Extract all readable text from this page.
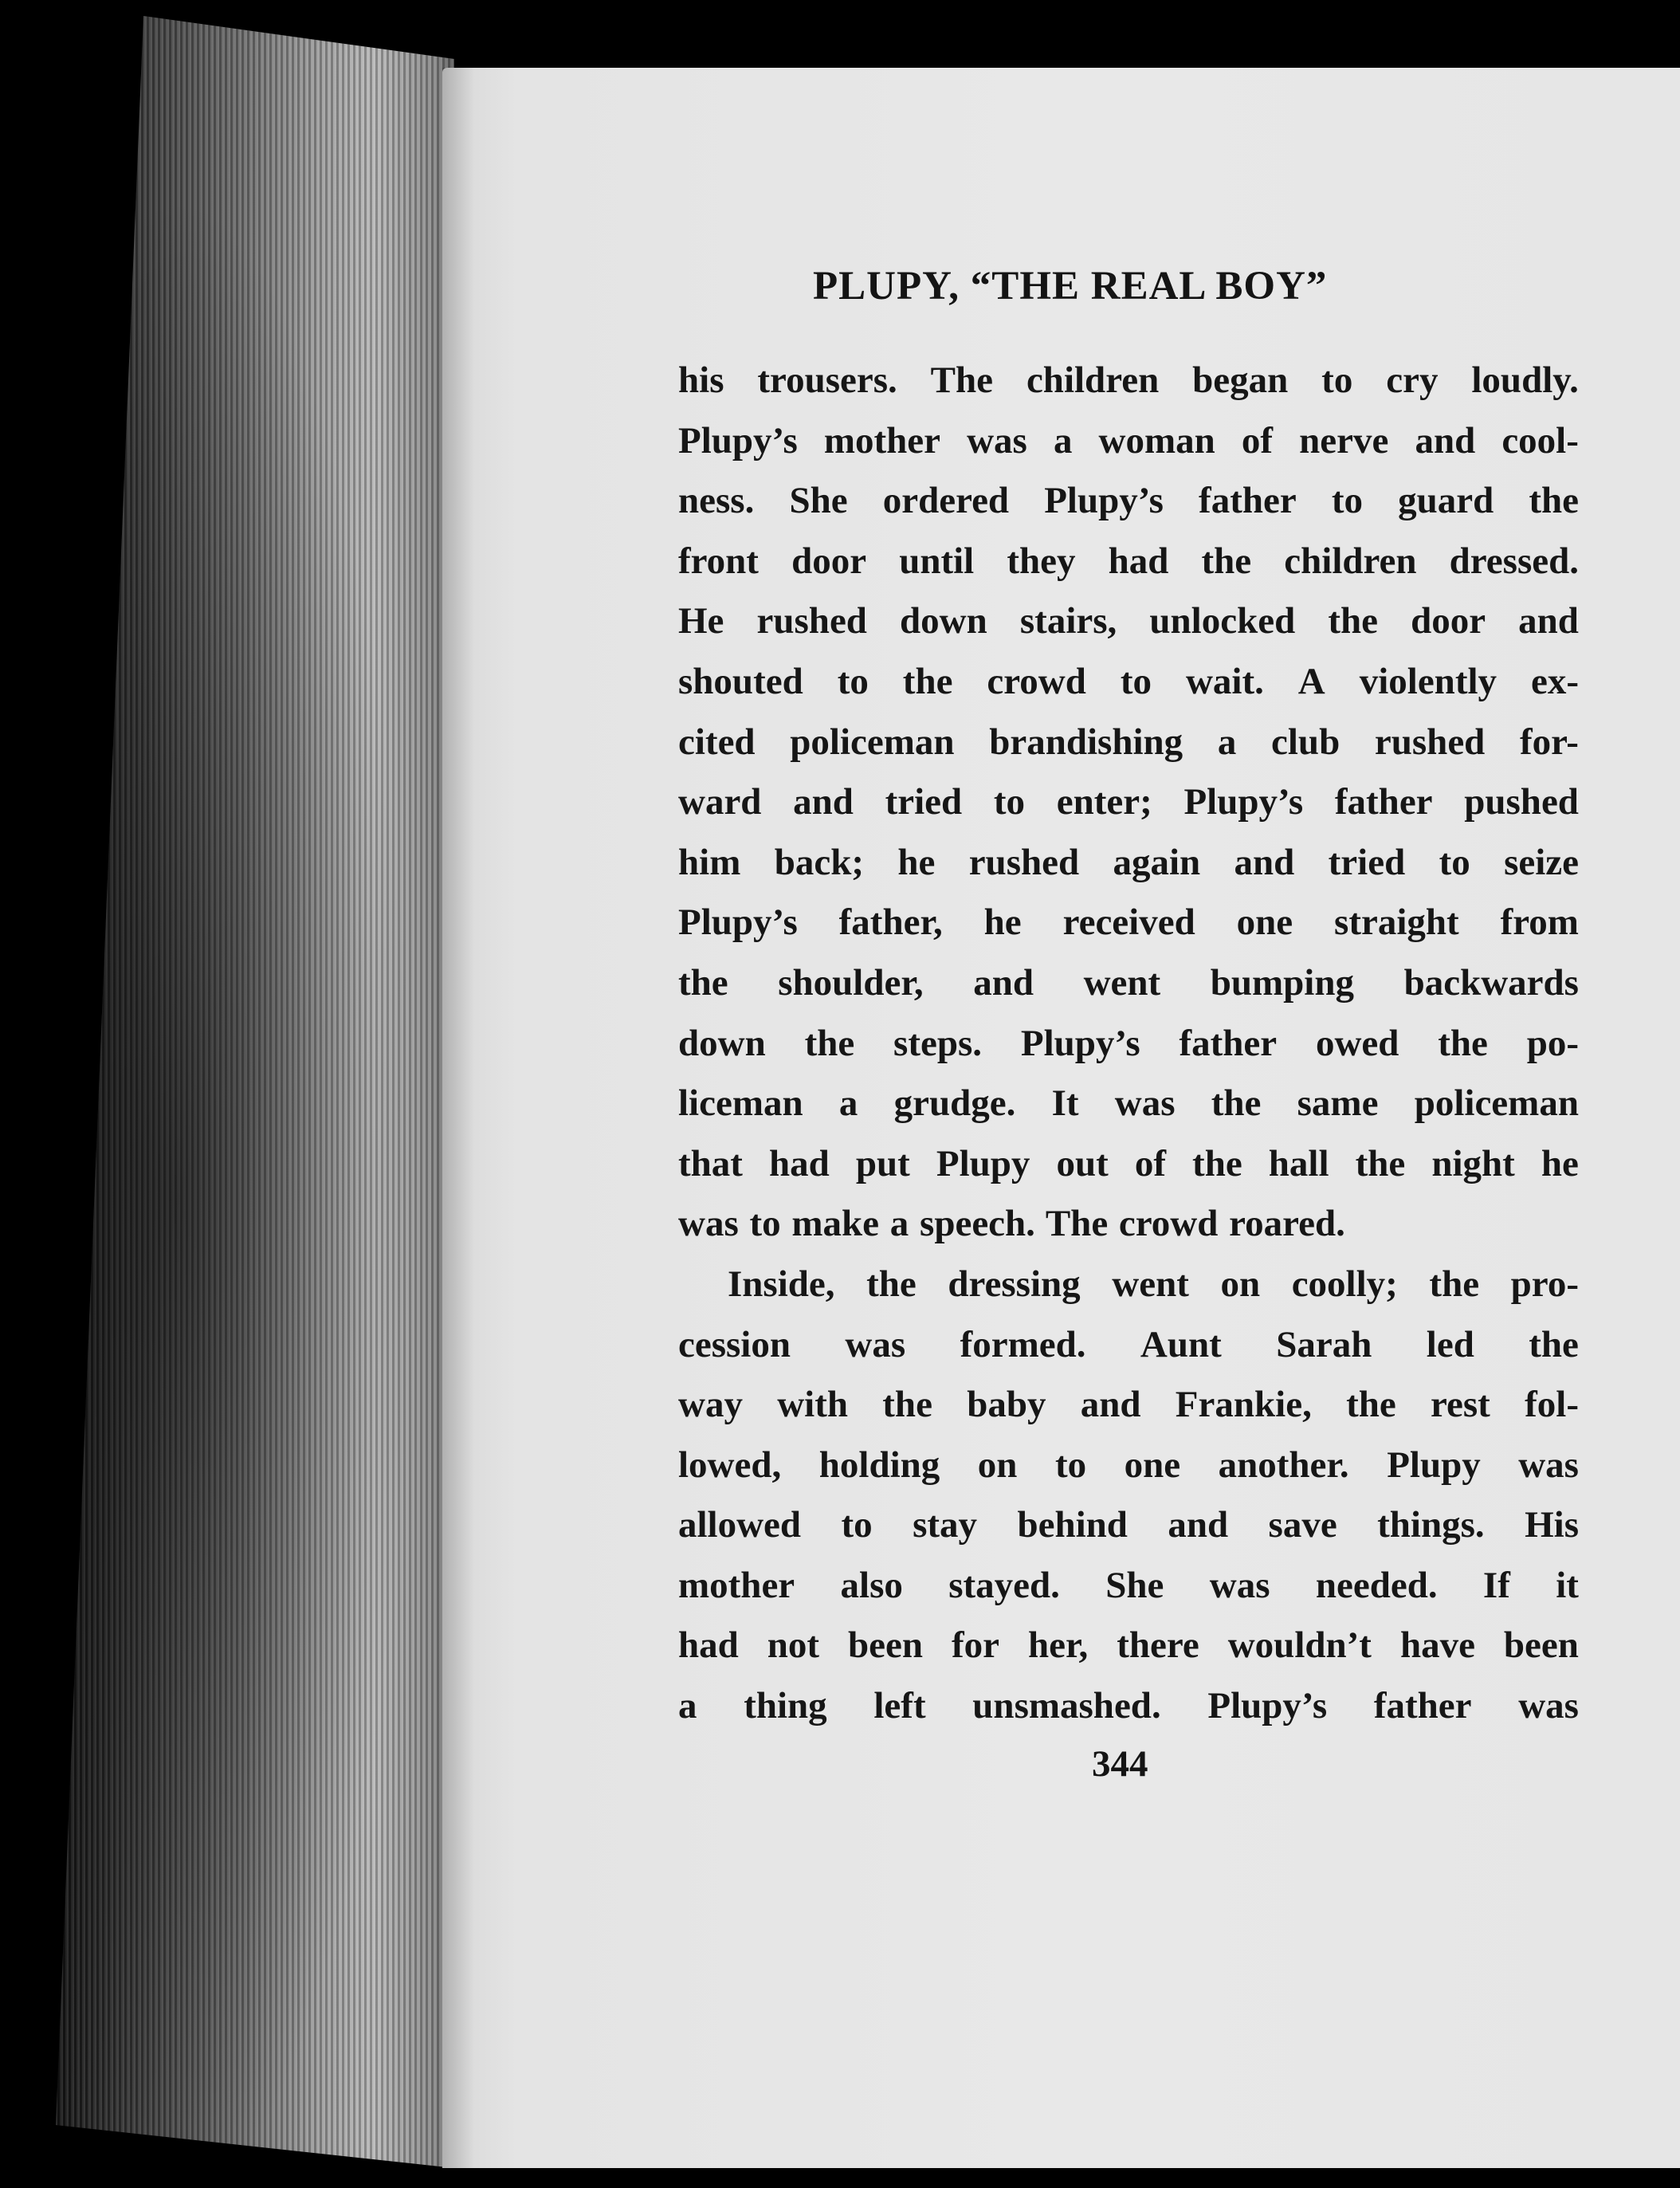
PLUPY, “THE REAL BOY”
his trousers. The children began to cry loudly.
Plupy’s mother was a woman of nerve and cool-
ness. She ordered Plupy’s father to guard the
front door until they had the children dressed.
He rushed down stairs, unlocked the door and
shouted to the crowd to wait. A violently ex-
cited policeman brandishing a club rushed for-
ward and tried to enter; Plupy’s father pushed
him back; he rushed again and tried to seize
Plupy’s father, he received one straight from
the shoulder, and went bumping backwards
down the steps. Plupy’s father owed the po-
liceman a grudge. It was the same policeman
that had put Plupy out of the hall the night he
was to make a speech. The crowd roared.
Inside, the dressing went on coolly; the pro-
cession was formed. Aunt Sarah led the
way with the baby and Frankie, the rest fol-
lowed, holding on to one another. Plupy was
allowed to stay behind and save things. His
mother also stayed. She was needed. If it
had not been for her, there wouldn’t have been
a thing left unsmashed. Plupy’s father was

344
